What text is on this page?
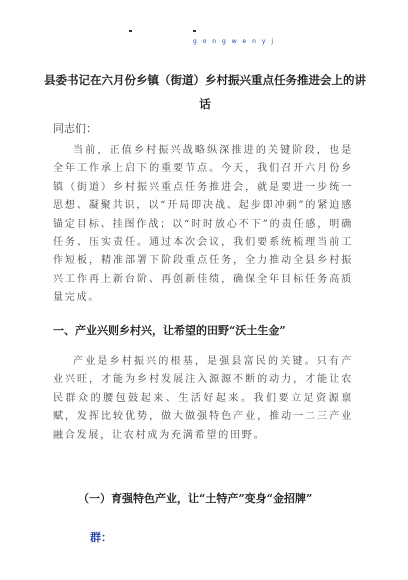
g o n g w e n y j
县委书记在六月份乡镇（街道）乡村振兴重点任务推进会上的讲话
同志们：
当前，正值乡村振兴战略纵深推进的关键阶段，也是全年工作承上启下的重要节点。今天，我们召开六月份乡镇（街道）乡村振兴重点任务推进会，就是要进一步统一思想、凝聚共识，以“开局即决战、起步即冲刺”的紧迫感锚定目标、挂图作战；以“时时放心不下”的责任感，明确任务、压实责任。通过本次会议，我们要系统梳理当前工作短板，精准部署下阶段重点任务，全力推动全县乡村振兴工作再上新台阶、再创新佳绩，确保全年目标任务高质量完成。
一、产业兴则乡村兴，让希望的田野“沃土生金”
产业是乡村振兴的根基，是强县富民的关键。只有产业兴旺，才能为乡村发展注入源源不断的动力，才能让农民群众的腰包鼓起来、生活好起来。我们要立足资源禀赋，发挥比较优势，做大做强特色产业，推动一二三产业融合发展，让农村成为充满希望的田野。
（一）育强特色产业，让“土特产”变身“金招牌”
群：
